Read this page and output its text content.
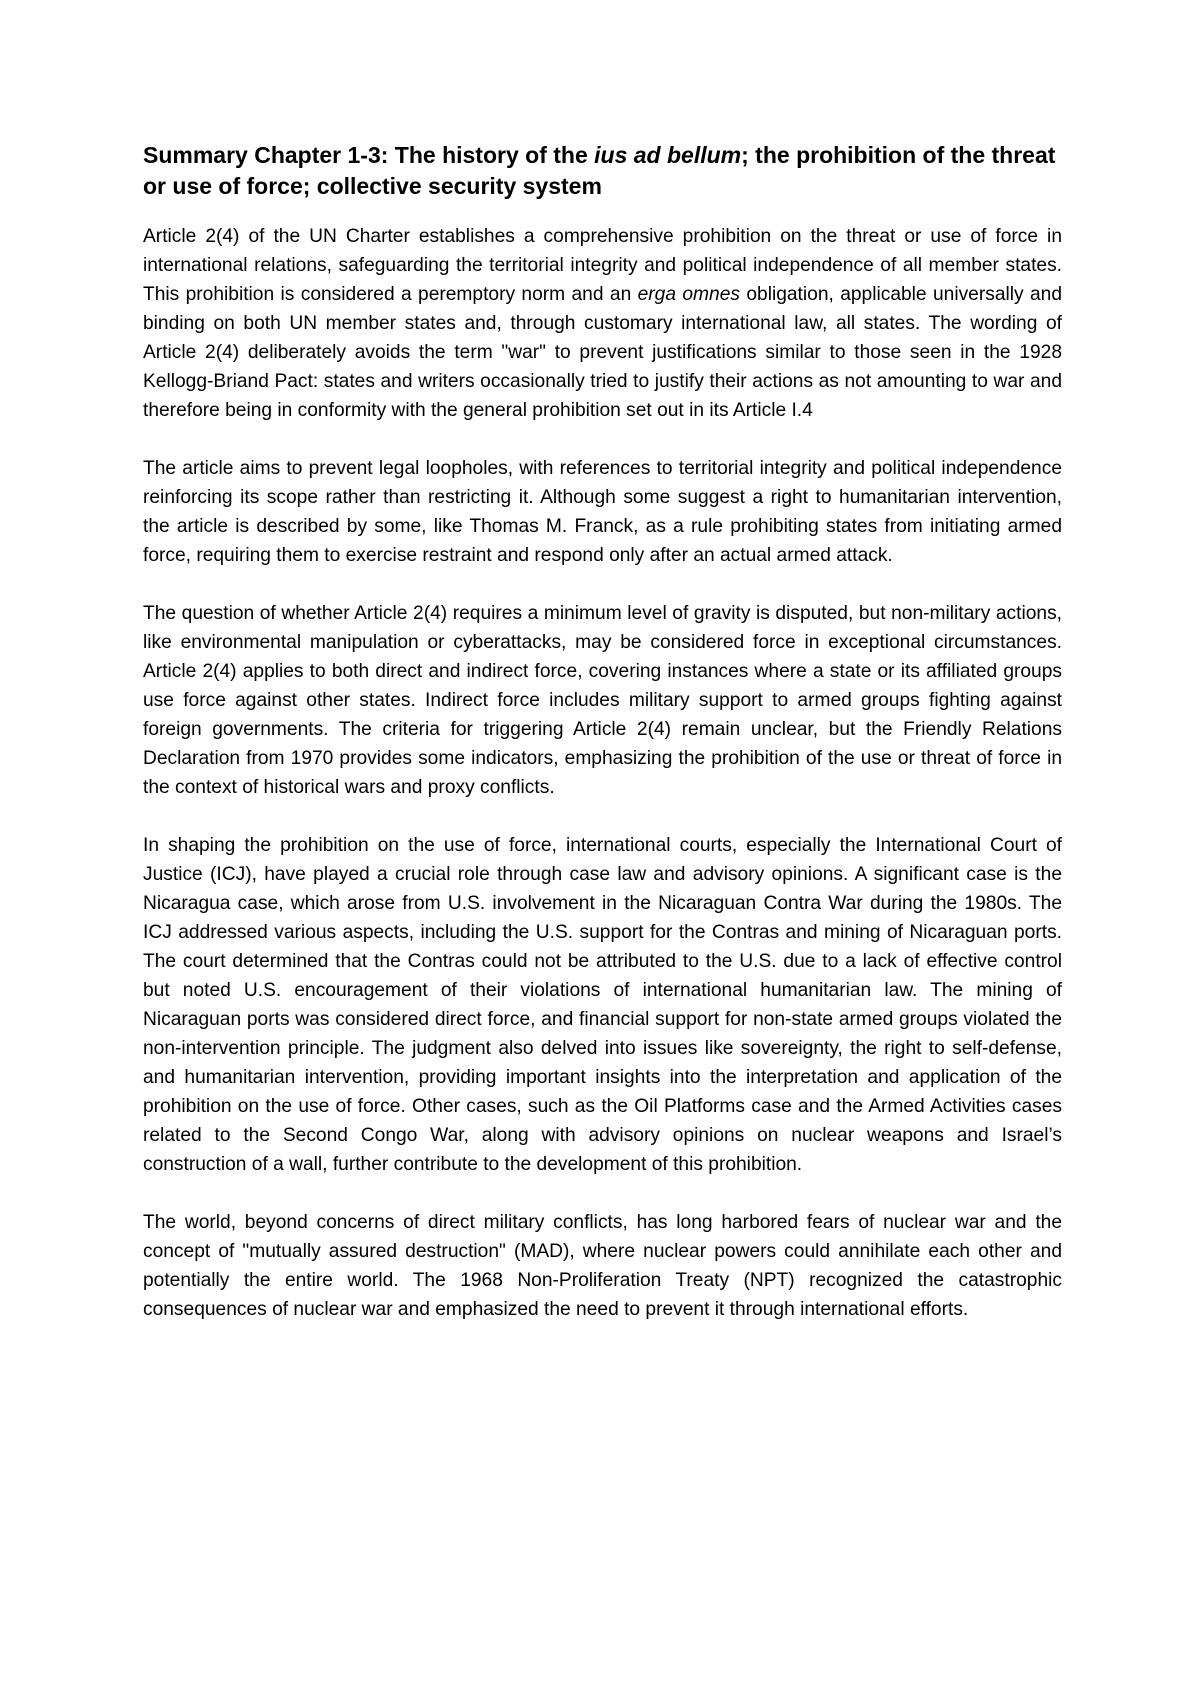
Summary Chapter 1-3: The history of the ius ad bellum; the prohibition of the threat or use of force; collective security system

Article 2(4) of the UN Charter establishes a comprehensive prohibition on the threat or use of force in international relations, safeguarding the territorial integrity and political independence of all member states. This prohibition is considered a peremptory norm and an erga omnes obligation, applicable universally and binding on both UN member states and, through customary international law, all states. The wording of Article 2(4) deliberately avoids the term "war" to prevent justifications similar to those seen in the 1928 Kellogg-Briand Pact: states and writers occasionally tried to justify their actions as not amounting to war and therefore being in conformity with the general prohibition set out in its Article I.4

The article aims to prevent legal loopholes, with references to territorial integrity and political independence reinforcing its scope rather than restricting it. Although some suggest a right to humanitarian intervention, the article is described by some, like Thomas M. Franck, as a rule prohibiting states from initiating armed force, requiring them to exercise restraint and respond only after an actual armed attack.

The question of whether Article 2(4) requires a minimum level of gravity is disputed, but non-military actions, like environmental manipulation or cyberattacks, may be considered force in exceptional circumstances. Article 2(4) applies to both direct and indirect force, covering instances where a state or its affiliated groups use force against other states. Indirect force includes military support to armed groups fighting against foreign governments. The criteria for triggering Article 2(4) remain unclear, but the Friendly Relations Declaration from 1970 provides some indicators, emphasizing the prohibition of the use or threat of force in the context of historical wars and proxy conflicts.

In shaping the prohibition on the use of force, international courts, especially the International Court of Justice (ICJ), have played a crucial role through case law and advisory opinions. A significant case is the Nicaragua case, which arose from U.S. involvement in the Nicaraguan Contra War during the 1980s. The ICJ addressed various aspects, including the U.S. support for the Contras and mining of Nicaraguan ports. The court determined that the Contras could not be attributed to the U.S. due to a lack of effective control but noted U.S. encouragement of their violations of international humanitarian law. The mining of Nicaraguan ports was considered direct force, and financial support for non-state armed groups violated the non-intervention principle. The judgment also delved into issues like sovereignty, the right to self-defense, and humanitarian intervention, providing important insights into the interpretation and application of the prohibition on the use of force. Other cases, such as the Oil Platforms case and the Armed Activities cases related to the Second Congo War, along with advisory opinions on nuclear weapons and Israel’s construction of a wall, further contribute to the development of this prohibition.

The world, beyond concerns of direct military conflicts, has long harbored fears of nuclear war and the concept of "mutually assured destruction" (MAD), where nuclear powers could annihilate each other and potentially the entire world. The 1968 Non-Proliferation Treaty (NPT) recognized the catastrophic consequences of nuclear war and emphasized the need to prevent it through international efforts.
